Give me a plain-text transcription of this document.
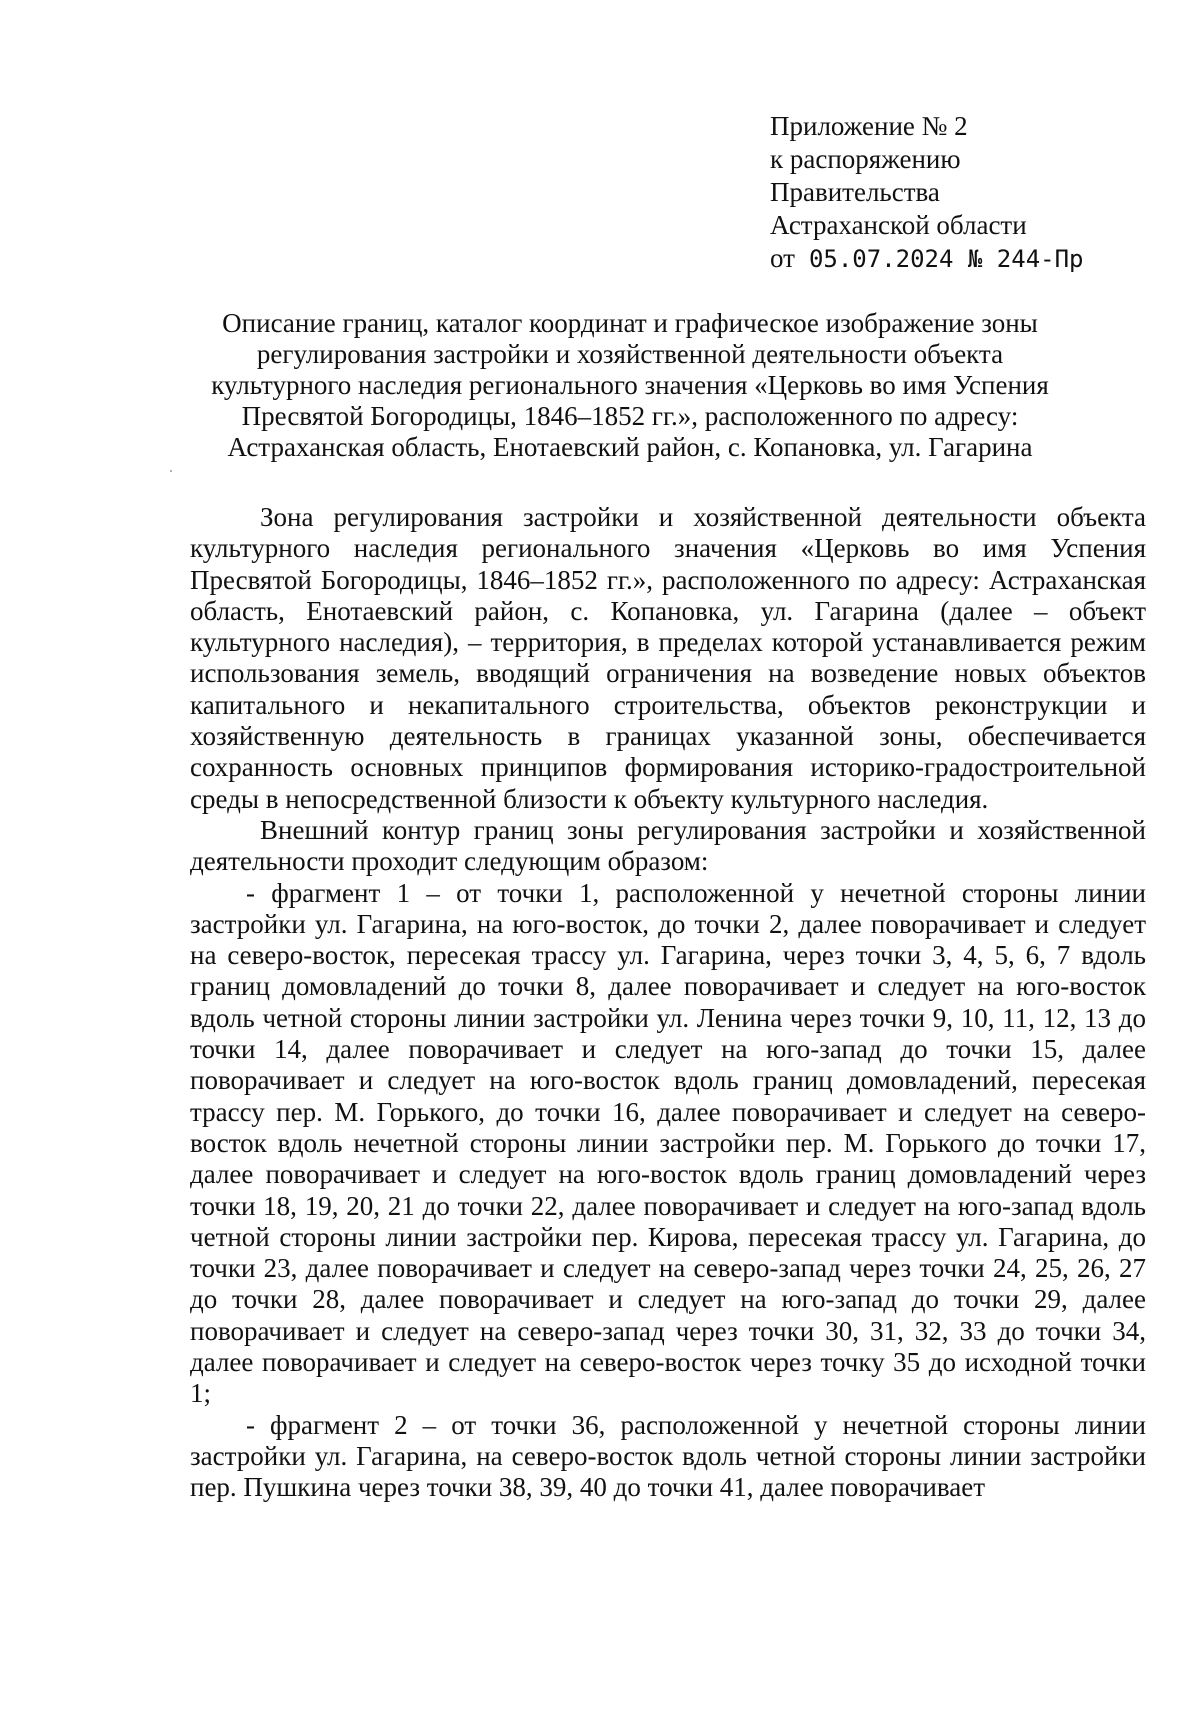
Приложение № 2
к распоряжению
Правительства
Астраханской области
от 05.07.2024 № 244-Пр
Описание границ, каталог координат и графическое изображение зоны регулирования застройки и хозяйственной деятельности объекта культурного наследия регионального значения «Церковь во имя Успения Пресвятой Богородицы, 1846–1852 гг.», расположенного по адресу: Астраханская область, Енотаевский район, с. Копановка, ул. Гагарина

Зона регулирования застройки и хозяйственной деятельности объекта культурного наследия регионального значения «Церковь во имя Успения Пресвятой Богородицы, 1846–1852 гг.», расположенного по адресу: Астраханская область, Енотаевский район, с. Копановка, ул. Гагарина (далее – объект культурного наследия), – территория, в пределах которой устанавливается режим использования земель, вводящий ограничения на возведение новых объектов капитального и некапитального строительства, объектов реконструкции и хозяйственную деятельность в границах указанной зоны, обеспечивается сохранность основных принципов формирования историко-градостроительной среды в непосредственной близости к объекту культурного наследия.

Внешний контур границ зоны регулирования застройки и хозяйственной деятельности проходит следующим образом:

- фрагмент 1 – от точки 1, расположенной у нечетной стороны линии застройки ул. Гагарина, на юго-восток, до точки 2, далее поворачивает и следует на северо-восток, пересекая трассу ул. Гагарина, через точки 3, 4, 5, 6, 7 вдоль границ домовладений до точки 8, далее поворачивает и следует на юго-восток вдоль четной стороны линии застройки ул. Ленина через точки 9, 10, 11, 12, 13 до точки 14, далее поворачивает и следует на юго-запад до точки 15, далее поворачивает и следует на юго-восток вдоль границ домовладений, пересекая трассу пер. М. Горького, до точки 16, далее поворачивает и следует на северо-восток вдоль нечетной стороны линии застройки пер. М. Горького до точки 17, далее поворачивает и следует на юго-восток вдоль границ домовладений через точки 18, 19, 20, 21 до точки 22, далее поворачивает и следует на юго-запад вдоль четной стороны линии застройки пер. Кирова, пересекая трассу ул. Гагарина, до точки 23, далее поворачивает и следует на северо-запад через точки 24, 25, 26, 27 до точки 28, далее поворачивает и следует на юго-запад до точки 29, далее поворачивает и следует на северо-запад через точки 30, 31, 32, 33 до точки 34, далее поворачивает и следует на северо-восток через точку 35 до исходной точки 1;

- фрагмент 2 – от точки 36, расположенной у нечетной стороны линии застройки ул. Гагарина, на северо-восток вдоль четной стороны линии застройки пер. Пушкина через точки 38, 39, 40 до точки 41, далее поворачивает
